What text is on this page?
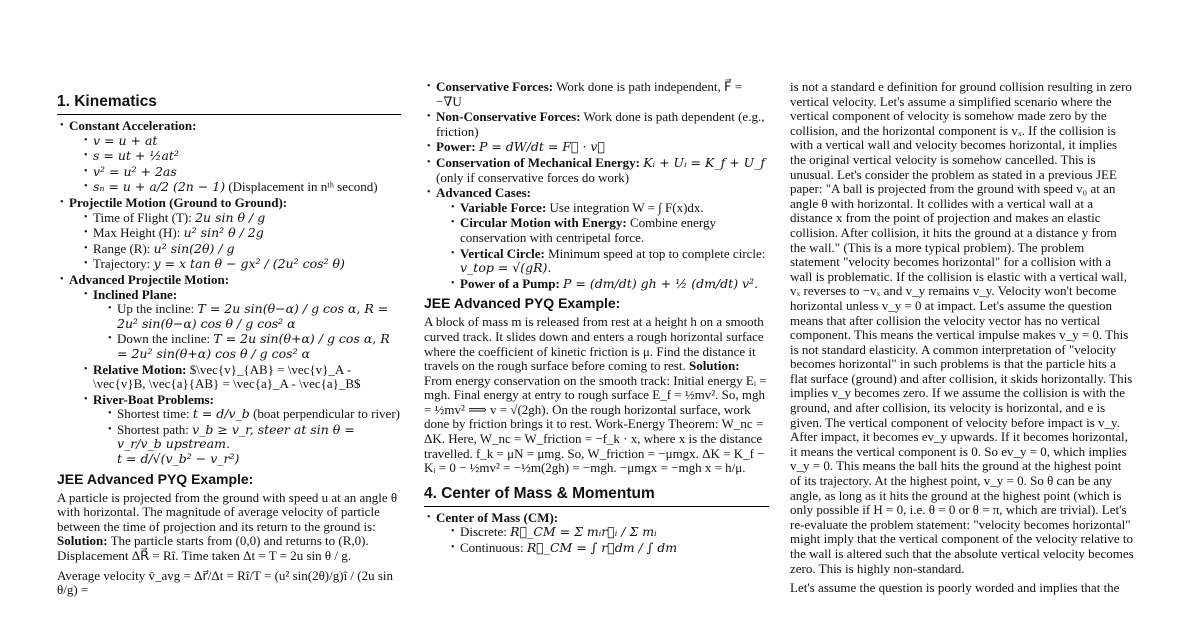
1. Kinematics
• Constant Acceleration:
• v = u + at
• s = ut + ½at²
• v² = u² + 2as
• sₙ = u + a/2 (2n − 1) (Displacement in nᵗʰ second)
• Projectile Motion (Ground to Ground):
• Time of Flight (T): 2u sin θ / g
• Max Height (H): u² sin² θ / 2g
• Range (R): u² sin(2θ) / g
• Trajectory: y = x tan θ − gx² / (2u² cos² θ)
• Advanced Projectile Motion:
• Inclined Plane:
• Up the incline: T = 2u sin(θ−α) / g cos α, R = 2u² sin(θ−α) cos θ / g cos² α
• Down the incline: T = 2u sin(θ+α) / g cos α, R = 2u² sin(θ+α) cos θ / g cos² α
• Relative Motion: $\vec{v}_{AB} = \vec{v}_A - \vec{v}B, \vec{a}{AB} = \vec{a}_A - \vec{a}_B$
• River-Boat Problems:
• Shortest time: t = d/v_b (boat perpendicular to river)
• Shortest path: v_b ≥ v_r, steer at sin θ = v_r/v_b upstream.
t = d/√(v_b² − v_r²)
JEE Advanced PYQ Example:

A particle is projected from the ground with speed u at an angle θ with horizontal. The magnitude of average velocity of particle between the time of projection and its return to the ground is:
Solution: The particle starts from (0,0) and returns to (R,0). Displacement ΔR⃗ = Rî. Time taken Δt = T = 2u sin θ / g.

Average velocity v̄_avg = Δr⃗/Δt = Rî/T = (u² sin(2θ)/g)î / (2u sin θ/g) =

• Conservative Forces: Work done is path independent, F⃗ = −∇U
• Non-Conservative Forces: Work done is path dependent (e.g., friction)
• Power: P = dW/dt = F⃗ · v⃗
• Conservation of Mechanical Energy: Kᵢ + Uᵢ = K_f + U_f
(only if conservative forces do work)
• Advanced Cases:
• Variable Force: Use integration W = ∫ F(x)dx.
• Circular Motion with Energy: Combine energy conservation with centripetal force.
• Vertical Circle: Minimum speed at top to complete circle:
v_top = √(gR).
• Power of a Pump: P = (dm/dt) gh + ½ (dm/dt) v².
JEE Advanced PYQ Example:

A block of mass m is released from rest at a height h on a smooth curved track. It slides down and enters a rough horizontal surface where the coefficient of kinetic friction is μ. Find the distance it travels on the rough surface before coming to rest. Solution: From energy conservation on the smooth track: Initial energy Eᵢ = mgh. Final energy at entry to rough surface E_f = ½mv². So, mgh = ½mv² ⟹ v = √(2gh). On the rough horizontal surface, work done by friction brings it to rest. Work-Energy Theorem: W_nc = ΔK. Here, W_nc = W_friction = −f_k · x, where x is the distance travelled. f_k = μN = μmg. So, W_friction = −μmgx. ΔK = K_f − Kᵢ = 0 − ½mv² = −½m(2gh) = −mgh. −μmgx = −mgh x = h/μ.

4. Center of Mass & Momentum
• Center of Mass (CM):
• Discrete: R⃗_CM = Σ mᵢr⃗ᵢ / Σ mᵢ
• Continuous: R⃗_CM = ∫ r⃗dm / ∫ dm

is not a standard e definition for ground collision resulting in zero vertical velocity. Let's assume a simplified scenario where the vertical component of velocity is somehow made zero by the collision, and the horizontal component is vₓ. If the collision is with a vertical wall and velocity becomes horizontal, it implies the original vertical velocity is somehow cancelled. This is unusual. Let's consider the problem as stated in a previous JEE paper: "A ball is projected from the ground with speed v₀ at an angle θ with horizontal. It collides with a vertical wall at a distance x from the point of projection and makes an elastic collision. After collision, it hits the ground at a distance y from the wall." (This is a more typical problem). The problem statement "velocity becomes horizontal" for a collision with a wall is problematic. If the collision is elastic with a vertical wall, vₓ reverses to −vₓ and v_y remains v_y. Velocity won't become horizontal unless v_y = 0 at impact. Let's assume the question means that after collision the velocity vector has no vertical component. This means the vertical impulse makes v_y = 0. This is not standard elasticity. A common interpretation of "velocity becomes horizontal" in such problems is that the particle hits a flat surface (ground) and after collision, it skids horizontally. This implies v_y becomes zero. If we assume the collision is with the ground, and after collision, its velocity is horizontal, and e is given. The vertical component of velocity before impact is v_y. After impact, it becomes ev_y upwards. If it becomes horizontal, it means the vertical component is 0. So ev_y = 0, which implies v_y = 0. This means the ball hits the ground at the highest point of its trajectory. At the highest point, v_y = 0. So θ can be any angle, as long as it hits the ground at the highest point (which is only possible if H = 0, i.e. θ = 0 or θ = π, which are trivial). Let's re-evaluate the problem statement: "velocity becomes horizontal" might imply that the vertical component of the velocity relative to the wall is altered such that the absolute vertical velocity becomes zero. This is highly non-standard.

Let's assume the question is poorly worded and implies that the
